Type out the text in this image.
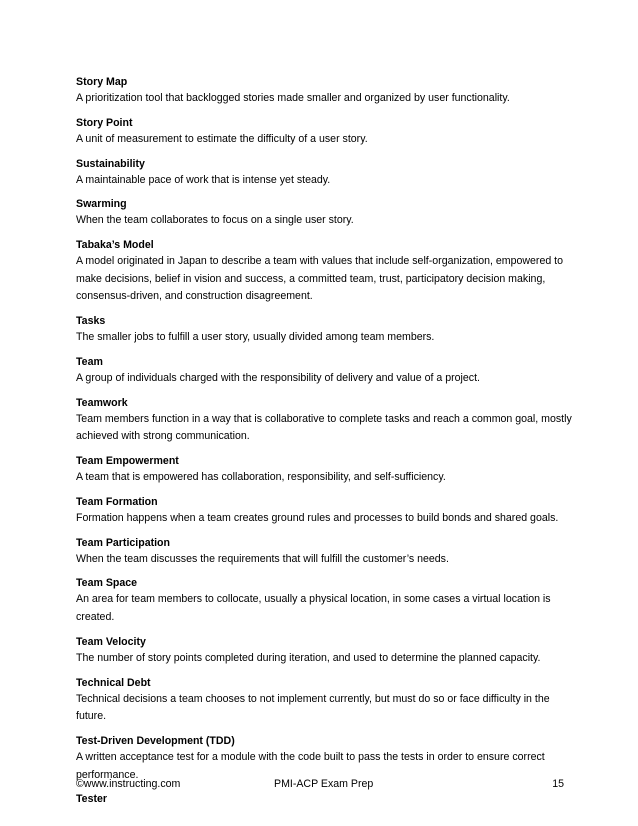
Story Map
A prioritization tool that backlogged stories made smaller and organized by user functionality.
Story Point
A unit of measurement to estimate the difficulty of a user story.
Sustainability
A maintainable pace of work that is intense yet steady.
Swarming
When the team collaborates to focus on a single user story.
Tabaka’s Model
A model originated in Japan to describe a team with values that include self-organization, empowered to make decisions, belief in vision and success, a committed team, trust, participatory decision making, consensus-driven, and construction disagreement.
Tasks
The smaller jobs to fulfill a user story, usually divided among team members.
Team
A group of individuals charged with the responsibility of delivery and value of a project.
Teamwork
Team members function in a way that is collaborative to complete tasks and reach a common goal, mostly achieved with strong communication.
Team Empowerment
A team that is empowered has collaboration, responsibility, and self-sufficiency.
Team Formation
Formation happens when a team creates ground rules and processes to build bonds and shared goals.
Team Participation
When the team discusses the requirements that will fulfill the customer’s needs.
Team Space
An area for team members to collocate, usually a physical location, in some cases a virtual location is created.
Team Velocity
The number of story points completed during iteration, and used to determine the planned capacity.
Technical Debt
Technical decisions a team chooses to not implement currently, but must do so or face difficulty in the future.
Test-Driven Development (TDD)
A written acceptance test for a module with the code built to pass the tests in order to ensure correct performance.
Tester
©www.instructing.com	PMI-ACP Exam Prep	15
